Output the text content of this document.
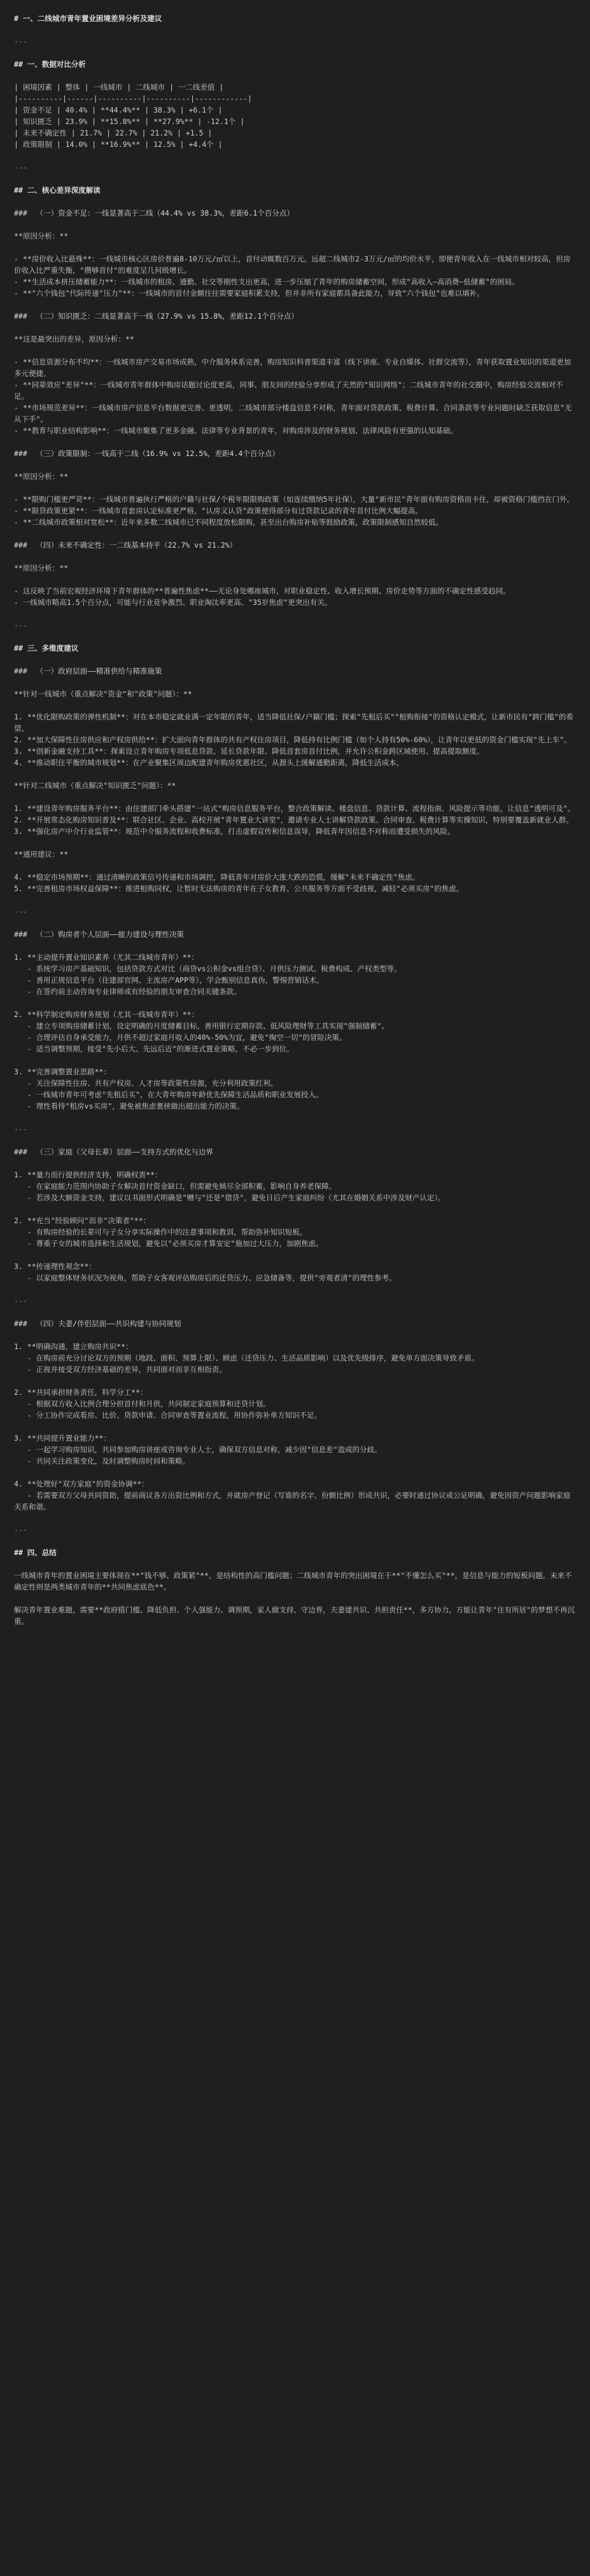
# 一、二线城市青年置业困境差异分析及建议
---
## 一、数据对比分析
| 困境因素 | 整体 | 一线城市 | 二线城市 | 一二线差值 |
|----------|------|----------|----------|------------|
| 资金不足 | 40.4% | **44.4%** | 38.3% | +6.1个 |
| 知识匮乏 | 23.9% | **15.8%** | **27.9%** | -12.1个 |
| 未来不确定性 | 21.7% | 22.7% | 21.2% | +1.5 |
| 政策限制 | 14.0% | **16.9%** | 12.5% | +4.4个 |
---
## 二、核心差异深度解读
###  （一）资金不足：一线显著高于二线（44.4% vs 38.3%，差距6.1个百分点）
**原因分析：**
- **房价收入比悬殊**：一线城市核心区房价普遍8-10万元/㎡以上，首付动辄数百万元。远超二线城市2-3万元/㎡的均价水平，即便青年收入在一线城市相对较高，但房价收入比严重失衡，"攒够首付"的难度呈几何级增长。
- **生活成本挤压储蓄能力**：一线城市的租房、通勤、社交等刚性支出更高，进一步压缩了青年的购房储蓄空间，形成"高收入—高消费—低储蓄"的困局。
- **"六个钱包"代际传递"压力"**：一线城市的首付金额往往需要家庭积累支持，但并非所有家庭都具备此能力，导致"六个钱包"也难以填补。
###  （二）知识匮乏：二线显著高于一线（27.9% vs 15.8%，差距12.1个百分点）
**这是最突出的差异，原因分析：**
- **信息资源分布不均**：一线城市房产交易市场成熟，中介服务体系完善，购房知识科普渠道丰富（线下讲座、专业自媒体、社群交流等），青年获取置业知识的渠道更加多元便捷。
- **同辈效应"差异"**：一线城市青年群体中购房话题讨论度更高，同事、朋友间的经验分享形成了天然的"知识网络"；二线城市青年的社交圈中，购房经验交流相对不足。
- **市场规范差异**：一线城市房产信息平台数据更完善、更透明，二线城市部分楼盘信息不对称，青年面对贷款政策、税费计算、合同条款等专业问题时缺乏获取信息"无从下手"。
- **教育与职业结构影响**：一线城市聚集了更多金融、法律等专业背景的青年，对购房涉及的财务规划、法律风险有更强的认知基础。
###  （三）政策限制：一线高于二线（16.9% vs 12.5%，差距4.4个百分点）
**原因分析：**
- **限购门槛更严苛**：一线城市普遍执行严格的户籍与社保/个税年限限购政策（如连续缴纳5年社保），大量"新市民"青年面有购房资格而卡住，却被资格门槛挡在门外。
- **限贷政策更紧**：一线城市首套房认定标准更严格，"认房又认贷"政策使得部分有过贷款记录的青年首付比例大幅提高。
- **二线城市政策相对宽松**：近年来多数二线城市已不同程度放松限购，甚至出台购房补贴等鼓励政策，政策限制感知自然较低。
###  （四）未来不确定性：一二线基本持平（22.7% vs 21.2%）
**原因分析：**
- 这反映了当前宏观经济环境下青年群体的**普遍性焦虑**——无论身处哪座城市，对职业稳定性、收入增长预期、房价走势等方面的不确定性感受趋同。
- 一线城市略高1.5个百分点，可能与行业竞争激烈、职业淘汰率更高、"35岁焦虑"更突出有关。
---
## 三、多维度建议
###  （一）政府层面——精准供给与精准施策
**针对一线城市（重点解决"资金"和"政策"问题）：**
1. **优化限购政策的弹性机制**：对在本市稳定就业满一定年限的青年，适当降低社保/户籍门槛；探索"先租后买""租购衔接"的资格认定模式，让新市民有"跨门槛"的希望。
2. **加大保障性住房供应和产权房供给**：扩大面向青年群体的共有产权住房项目，降低持有比例门槛（如个人持有50%-60%），让青年以更低的资金门槛实现"先上车"。
3. **创新金融支持工具**：探索设立青年购房专项低息贷款、延长贷款年限、降低首套房首付比例，并允许公积金跨区域使用、提高提取额度。
4. **推动职住平衡的城市规划**：在产业聚集区周边配建青年购房优惠社区，从源头上缓解通勤距离，降低生活成本。
**针对二线城市（重点解决"知识匮乏"问题）：**
1. **建设青年购房服务平台**：由住建部门牵头搭建"一站式"购房信息服务平台，整合政策解读、楼盘信息、贷款计算、流程指南、风险提示等功能，让信息"透明可及"。
2. **开展常态化购房知识普及**：联合社区、企业、高校开展"青年置业大讲堂"，邀请专业人士讲解贷款政策、合同审查、税费计算等实操知识，特别要覆盖新就业人群。
3. **强化房产中介行业监管**：规范中介服务流程和收费标准，打击虚假宣传和信息误导，降低青年因信息不对称而遭受损失的风险。
**通用建议：**
4. **稳定市场预期**：通过清晰的政策信号传递和市场调控，降低青年对房价大涨大跌的恐慌，缓解"未来不确定性"焦虑。
5. **完善租房市场权益保障**：推进租购同权，让暂时无法购房的青年在子女教育、公共服务等方面不受歧视，减轻"必须买房"的焦虑。
---
###  （二）购房者个人层面——能力建设与理性决策
1. **主动提升置业知识素养（尤其二线城市青年）**：
- 系统学习房产基础知识，包括贷款方式对比（商贷vs公积金vs组合贷）、月供压力测试、税费构成、产权类型等。
- 善用正规信息平台（住建部官网、主流房产APP等），学会甄别信息真伪，警惕营销话术。
- 在签约前主动咨询专业律师或有经验的朋友审查合同关键条款。
2. **科学制定购房财务规划（尤其一线城市青年）**：
- 建立专项购房储蓄计划，设定明确的月度储蓄目标，善用银行定期存款、低风险理财等工具实现"强制储蓄"。
- 合理评估自身承受能力，月供不超过家庭月收入的40%-50%为宜，避免"掏空一切"的冒险决策。
- 适当调整预期，接受"先小后大、先远后近"的渐进式置业策略，不必一步到位。
3. **完善调整置业思路**：
- 关注保障性住房、共有产权房、人才房等政策性房源，充分利用政策红利。
- 一线城市青年可考虑"先租后买"，在大青年购房年龄优先保障生活品质和职业发展投入。
- 理性看待"租房vs买房"，避免被焦虑裹挟做出超出能力的决策。
---
###  （三）家庭（父母长辈）层面——支持方式的优化与边界
1. **量力而行提供经济支持，明确权责**：
- 在家庭能力范围内协助子女解决首付资金缺口，但需避免倾尽全部积蓄，影响自身养老保障。
- 若涉及大额资金支持，建议以书面形式明确是"赠与"还是"借贷"，避免日后产生家庭纠纷（尤其在婚姻关系中涉及财产认定）。
2. **充当"经验顾问"而非"决策者"**：
- 有购房经验的长辈可与子女分享实际操作中的注意事项和教训，帮助弥补知识短板。
- 尊重子女的城市选择和生活规划，避免以"必须买房才算安定"施加过大压力，加剧焦虑。
3. **传递理性观念**：
- 以家庭整体财务状况为视角，帮助子女客观评估购房后的还贷压力、应急储备等，提供"旁观者清"的理性参考。
---
###  （四）夫妻/伴侣层面——共识构建与协同规划
1. **明确沟通，建立购房共识**：
- 在购房前充分讨论双方的预期（地段、面积、预算上限）、顾虑（还贷压力、生活品质影响）以及优先级排序，避免单方面决策导致矛盾。
- 正视并接受双方经济基础的差异，共同面对而非互相指责。
2. **共同承担财务责任，科学分工**：
- 根据双方收入比例合理分担首付和月供，共同制定家庭预算和还贷计划。
- 分工协作完成看房、比价、贷款申请、合同审查等置业流程，用协作弥补单方知识不足。
3. **共同提升置业能力**：
- 一起学习购房知识，共同参加购房讲座或咨询专业人士，确保双方信息对称，减少因"信息差"造成的分歧。
- 共同关注政策变化，及时调整购房时间和策略。
4. **处理好"双方家庭"的资金协调**：
- 若需要双方父母共同资助，提前商议各方出资比例和方式，并就房产登记（写谁的名字、份额比例）形成共识，必要时通过协议或公证明确，避免因资产问题影响家庭关系和谐。
---
## 四、总结
一线城市青年的置业困境主要体现在**"钱不够、政策紧"**，是结构性的高门槛问题；二线城市青年的突出困境在于**"不懂怎么买"**，是信息与能力的短板问题。未来不确定性则是两类城市青年的**共同焦虑底色**。
解决青年置业难题，需要**政府搭门槛、降低负担、个人强能力、调预期，家人做支持、守边界，夫妻建共识、共担责任**，多方协力，方能让青年"住有所居"的梦想不再沉重。
